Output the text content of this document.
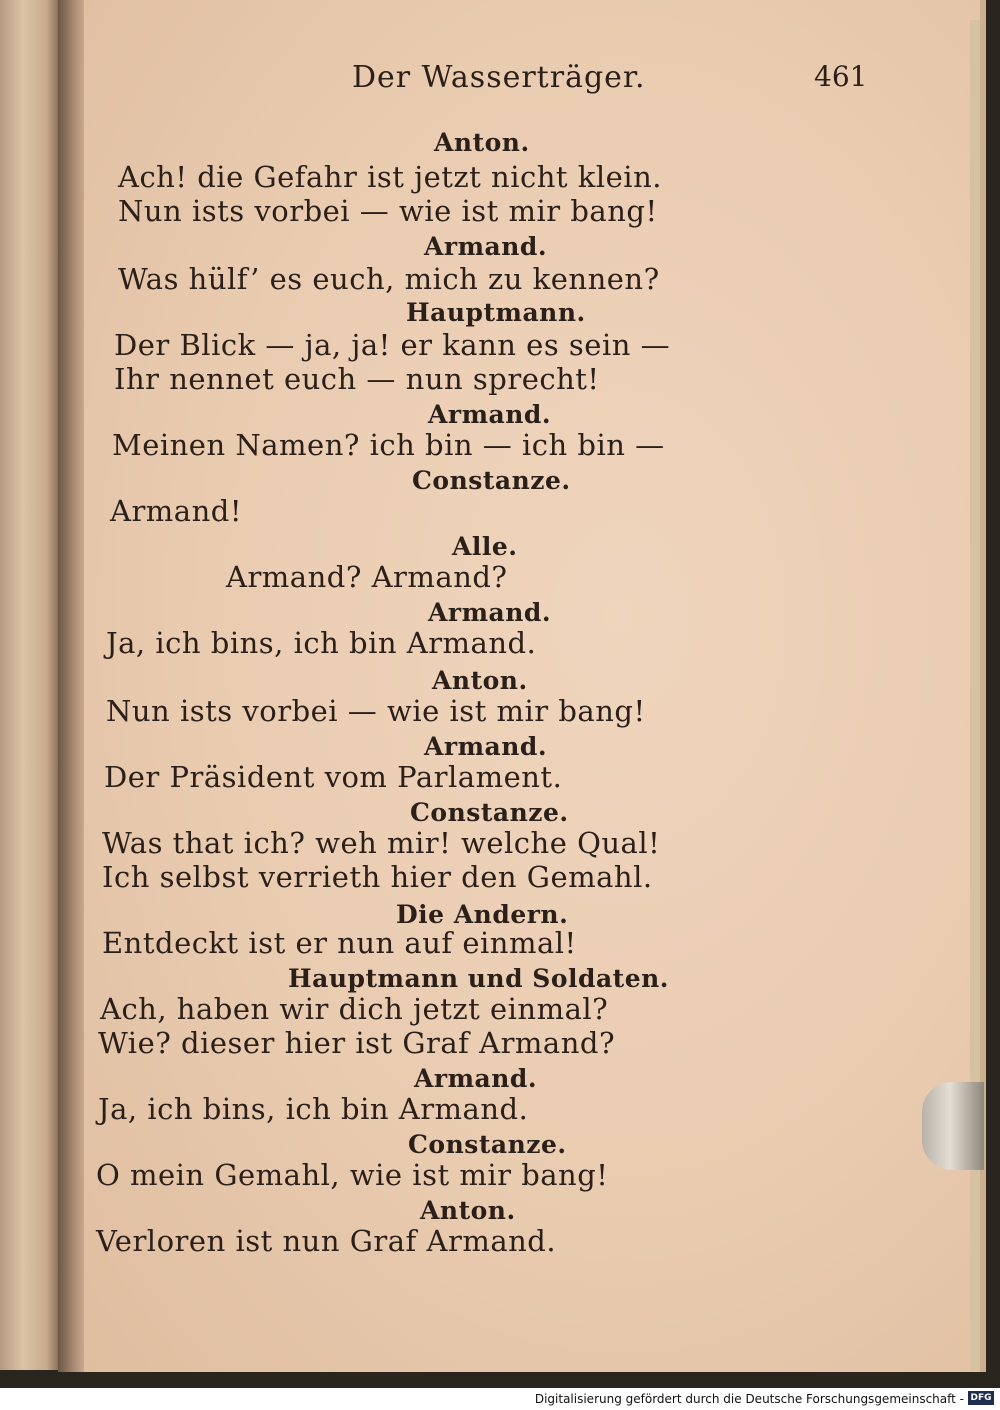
Der Wasserträger.	461
Anton.
Ach! die Gefahr ist jetzt nicht klein.
Nun ists vorbei — wie ist mir bang!
Armand.
Was hülf’ es euch, mich zu kennen?
Hauptmann.
Der Blick — ja, ja! er kann es sein —
Ihr nennet euch — nun sprecht!
Armand.
Meinen Namen? ich bin — ich bin —
Constanze.
Armand!
Alle.
Armand? Armand?
Armand.
Ja, ich bins, ich bin Armand.
Anton.
Nun ists vorbei — wie ist mir bang!
Armand.
Der Präsident vom Parlament.
Constanze.
Was that ich? weh mir! welche Qual!
Ich selbst verrieth hier den Gemahl.
Die Andern.
Entdeckt ist er nun auf einmal!
Hauptmann und Soldaten.
Ach, haben wir dich jetzt einmal?
Wie? dieser hier ist Graf Armand?
Armand.
Ja, ich bins, ich bin Armand.
Constanze.
O mein Gemahl, wie ist mir bang!
Anton.
Verloren ist nun Graf Armand.
Digitalisierung gefördert durch die Deutsche Forschungsgemeinschaft - DFG
